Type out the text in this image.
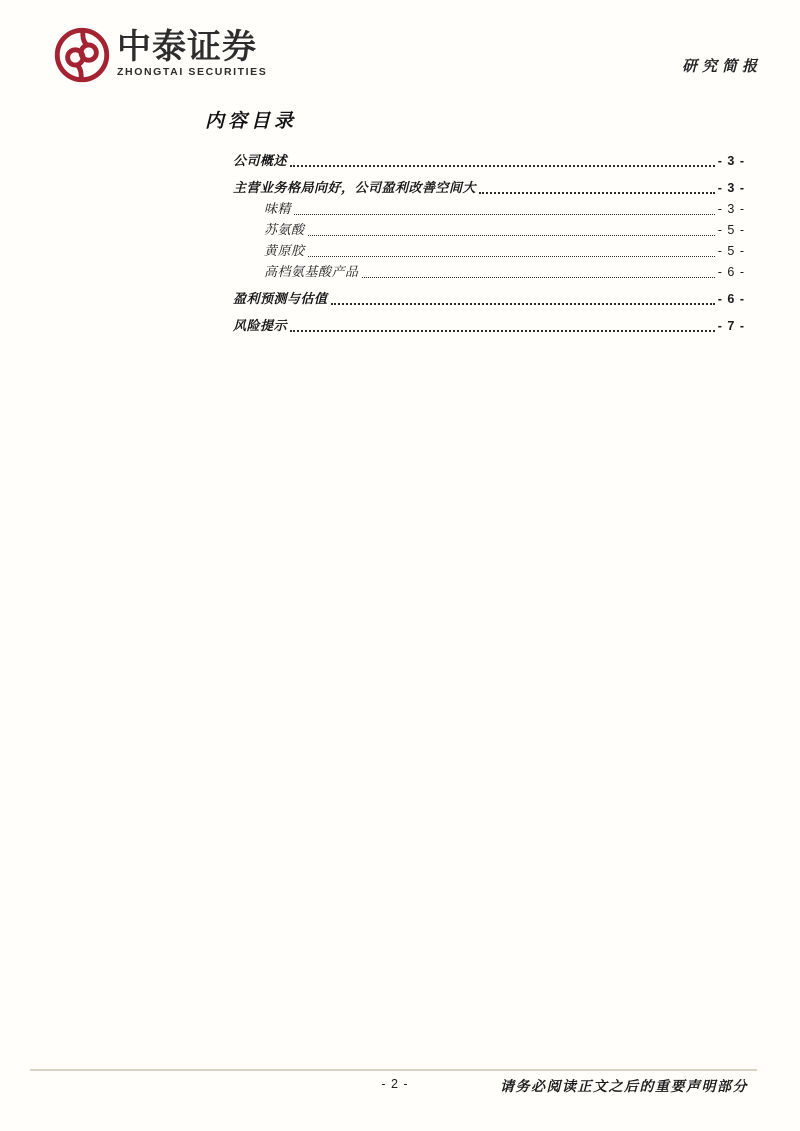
中泰证券
ZHONGTAI SECURITIES	研究简报
内容目录
公司概述	- 3 -
主营业务格局向好，公司盈利改善空间大	- 3 -
味精	- 3 -
苏氨酸	- 5 -
黄原胶	- 5 -
高档氨基酸产品	- 6 -
盈利预测与估值	- 6 -
风险提示	- 7 -
- 2 -	请务必阅读正文之后的重要声明部分
